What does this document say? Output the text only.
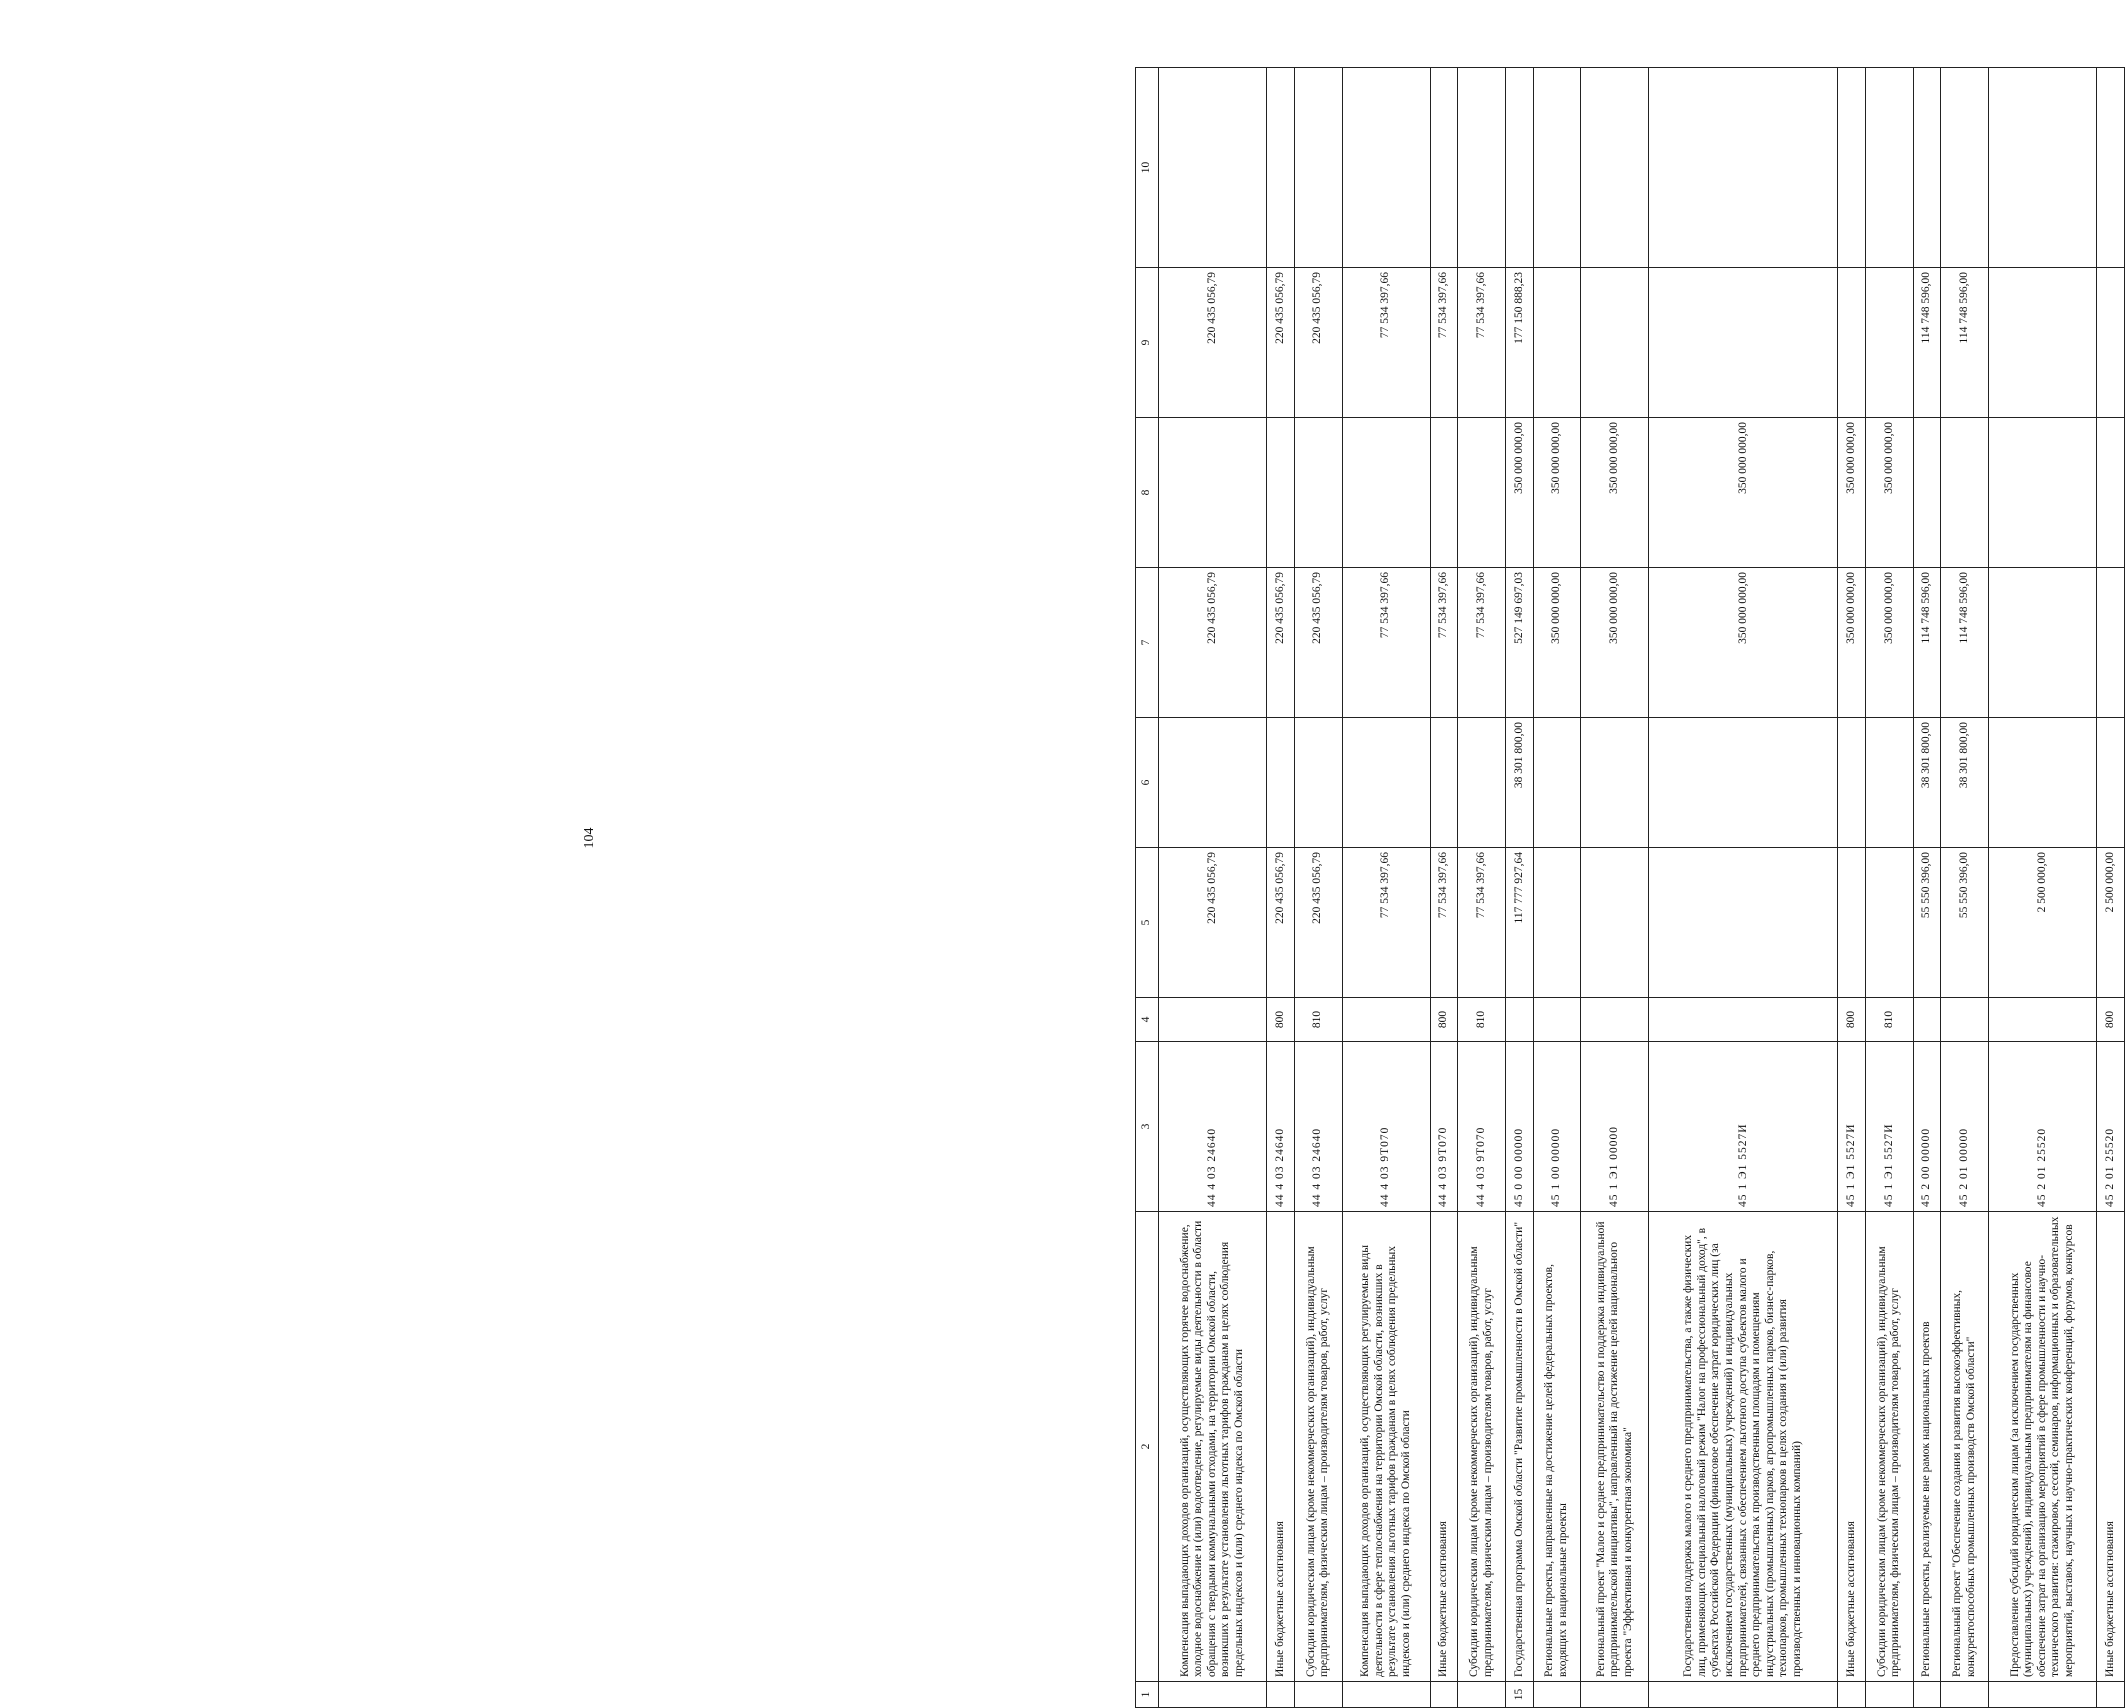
104
1	2	3	4	5	6	7	8	9	10
	Компенсация выпадающих доходов организаций, осуществляющих горячее водоснабжение, холодное водоснабжение и (или) водоотведение, регулируемые виды деятельности в области обращения с твердыми коммунальными отходами, на территории Омской области, возникших в результате установления льготных тарифов гражданам в целях соблюдения предельных индексов и (или) среднего индекса по Омской области	44 4 03 24640		220 435 056,79		220 435 056,79		220 435 056,79	
	Иные бюджетные ассигнования	44 4 03 24640	800	220 435 056,79		220 435 056,79		220 435 056,79	
	Субсидии юридическим лицам (кроме некоммерческих организаций), индивидуальным предпринимателям, физическим лицам – производителям товаров, работ, услуг	44 4 03 24640	810	220 435 056,79		220 435 056,79		220 435 056,79	
	Компенсация выпадающих доходов организаций, осуществляющих регулируемые виды деятельности в сфере теплоснабжения на территории Омской области, возникших в результате установления льготных тарифов гражданам в целях соблюдения предельных индексов и (или) среднего индекса по Омской области	44 4 03 9Т070		77 534 397,66		77 534 397,66		77 534 397,66	
	Иные бюджетные ассигнования	44 4 03 9Т070	800	77 534 397,66		77 534 397,66		77 534 397,66	
	Субсидии юридическим лицам (кроме некоммерческих организаций), индивидуальным предпринимателям, физическим лицам – производителям товаров, работ, услуг	44 4 03 9Т070	810	77 534 397,66		77 534 397,66		77 534 397,66	
15	Государственная программа Омской области "Развитие промышленности в Омской области"	45 0 00 00000		117 777 927,64	38 301 800,00	527 149 697,03	350 000 000,00	177 150 888,23	
	Региональные проекты, направленные на достижение целей федеральных проектов, входящих в национальные проекты	45 1 00 00000				350 000 000,00	350 000 000,00		
	Региональный проект "Малое и среднее предпринимательство и поддержка индивидуальной предпринимательской инициативы", направленный на достижение целей национального проекта "Эффективная и конкурентная экономика"	45 1 Э1 00000				350 000 000,00	350 000 000,00		
	Государственная поддержка малого и среднего предпринимательства, а также физических лиц, применяющих специальный налоговый режим "Налог на профессиональный доход", в субъектах Российской Федерации (финансовое обеспечение затрат юридических лиц (за исключением государственных (муниципальных) учреждений) и индивидуальных предпринимателей, связанных с обеспечением льготного доступа субъектов малого и среднего предпринимательства к производственным площадям и помещениям индустриальных (промышленных) парков, агропромышленных парков, бизнес-парков, технопарков, промышленных технопарков в целях создания и (или) развития производственных и инновационных компаний)	45 1 Э1 5527И				350 000 000,00	350 000 000,00		
	Иные бюджетные ассигнования	45 1 Э1 5527И	800			350 000 000,00	350 000 000,00		
	Субсидии юридическим лицам (кроме некоммерческих организаций), индивидуальным предпринимателям, физическим лицам – производителям товаров, работ, услуг	45 1 Э1 5527И	810			350 000 000,00	350 000 000,00		
	Региональные проекты, реализуемые вне рамок национальных проектов	45 2 00 00000		55 550 396,00	38 301 800,00	114 748 596,00		114 748 596,00	
	Региональный проект "Обеспечение создания и развития высокоэффективных, конкурентоспособных промышленных производств Омской области"	45 2 01 00000		55 550 396,00	38 301 800,00	114 748 596,00		114 748 596,00	
	Предоставление субсидий юридическим лицам (за исключением государственных (муниципальных) учреждений), индивидуальным предпринимателям на финансовое обеспечение затрат на организацию мероприятий в сфере промышленности и научно-технического развития: стажировок, сессий, семинаров, информационных и образовательных мероприятий, выставок, научных и научно-практических конференций, форумов, конкурсов	45 2 01 25520		2 500 000,00					
	Иные бюджетные ассигнования	45 2 01 25520	800	2 500 000,00					
